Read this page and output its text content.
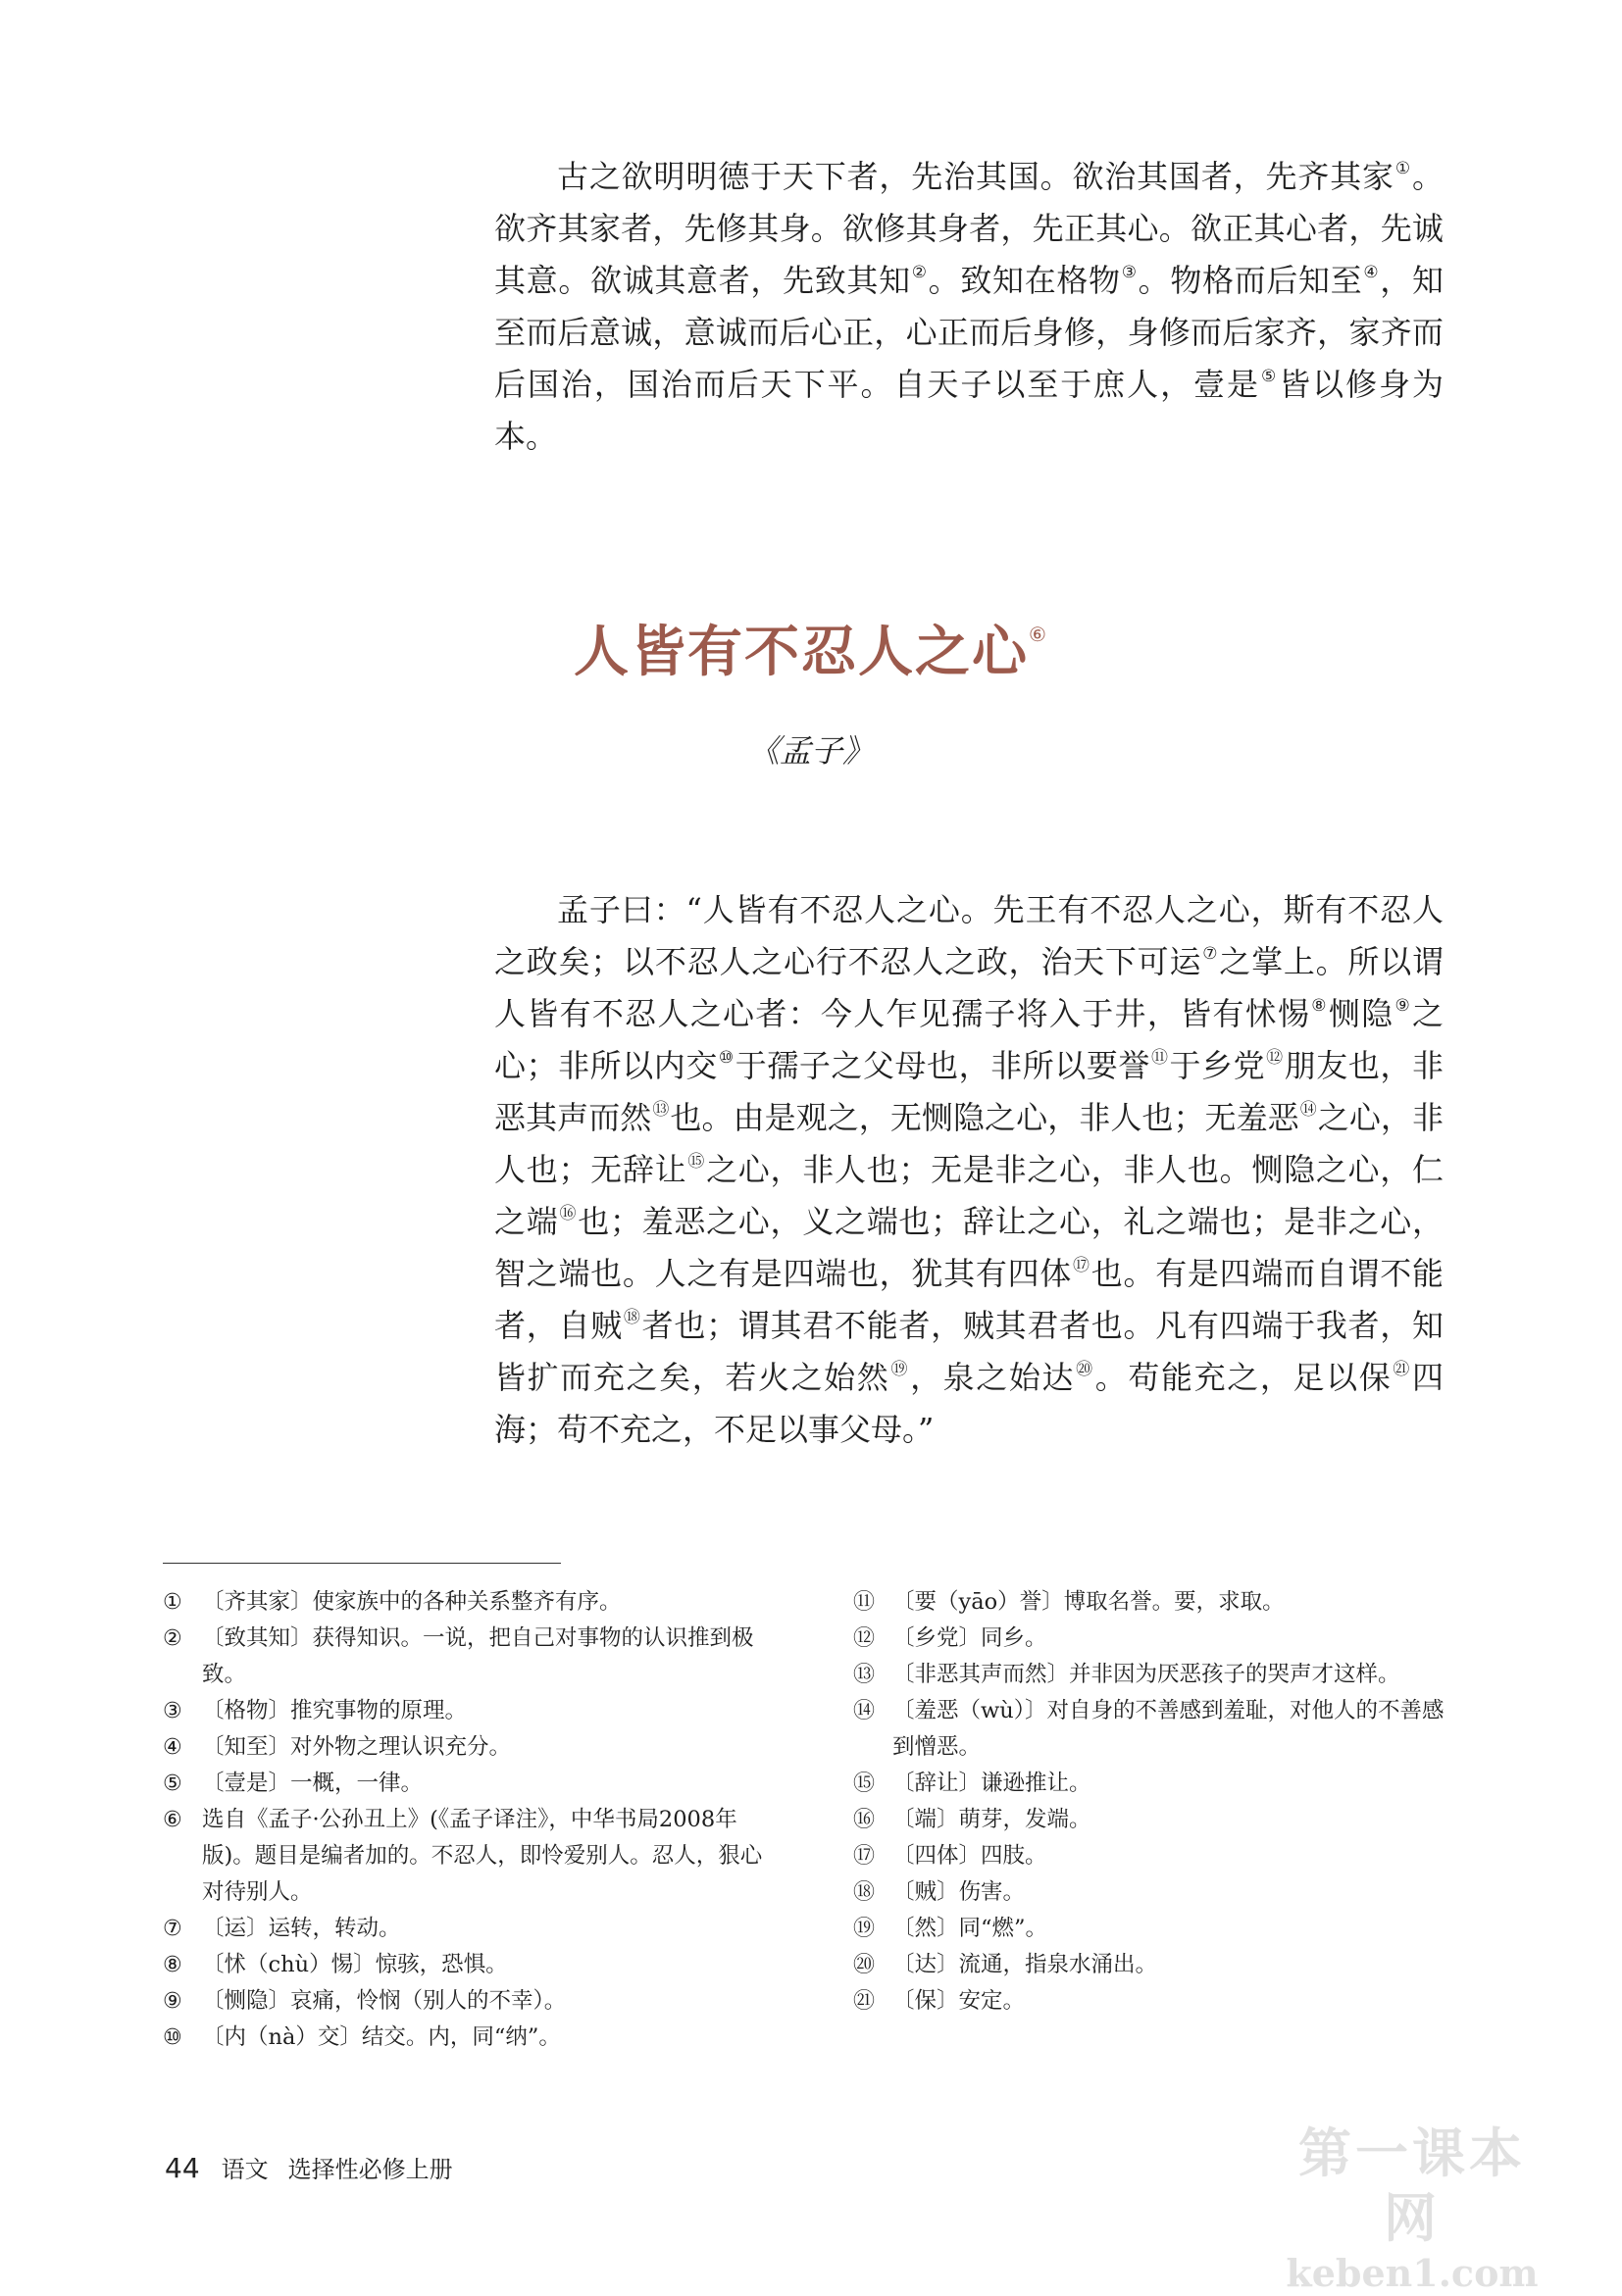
古之欲明明德于天下者，先治其国。欲治其国者，先齐其家①。欲齐其家者，先修其身。欲修其身者，先正其心。欲正其心者，先诚其意。欲诚其意者，先致其知②。致知在格物③。物格而后知至④，知至而后意诚，意诚而后心正，心正而后身修，身修而后家齐，家齐而后国治，国治而后天下平。自天子以至于庶人，壹是⑤皆以修身为本。

人皆有不忍人之心⑥

《孟子》

孟子曰：“人皆有不忍人之心。先王有不忍人之心，斯有不忍人之政矣；以不忍人之心行不忍人之政，治天下可运⑦之掌上。所以谓人皆有不忍人之心者：今人乍见孺子将入于井，皆有怵惕⑧恻隐⑨之心；非所以内交⑩于孺子之父母也，非所以要誉⑪于乡党⑫朋友也，非恶其声而然⑬也。由是观之，无恻隐之心，非人也；无羞恶⑭之心，非人也；无辞让⑮之心，非人也；无是非之心，非人也。恻隐之心，仁之端⑯也；羞恶之心，义之端也；辞让之心，礼之端也；是非之心，智之端也。人之有是四端也，犹其有四体⑰也。有是四端而自谓不能者，自贼⑱者也；谓其君不能者，贼其君者也。凡有四端于我者，知皆扩而充之矣，若火之始然⑲，泉之始达⑳。苟能充之，足以保$^㉑$四海；苟不充之，不足以事父母。”

① 〔齐其家〕使家族中的各种关系整齐有序。
② 〔致其知〕获得知识。一说，把自己对事物的认识推到极致。
③ 〔格物〕推究事物的原理。
④ 〔知至〕对外物之理认识充分。
⑤ 〔壹是〕一概，一律。
⑥ 选自《孟子·公孙丑上》(《孟子译注》，中华书局2008年版)。题目是编者加的。不忍人，即怜爱别人。忍人，狠心对待别人。
⑦ 〔运〕运转，转动。
⑧ 〔怵（chù）惕〕惊骇，恐惧。
⑨ 〔恻隐〕哀痛，怜悯（别人的不幸）。
⑩ 〔内（nà）交〕结交。内，同“纳”。
⑪ 〔要（yāo）誉〕博取名誉。要，求取。
⑫ 〔乡党〕同乡。
⑬ 〔非恶其声而然〕并非因为厌恶孩子的哭声才这样。
⑭ 〔羞恶（wù）〕对自身的不善感到羞耻，对他人的不善感到憎恶。
⑮ 〔辞让〕谦逊推让。
⑯ 〔端〕萌芽，发端。
⑰ 〔四体〕四肢。
⑱ 〔贼〕伤害。
⑲ 〔然〕同“燃”。
⑳ 〔达〕流通，指泉水涌出。
㉑ 〔保〕安定。
44 语文 选择性必修上册	第一课本网
keben1.com
